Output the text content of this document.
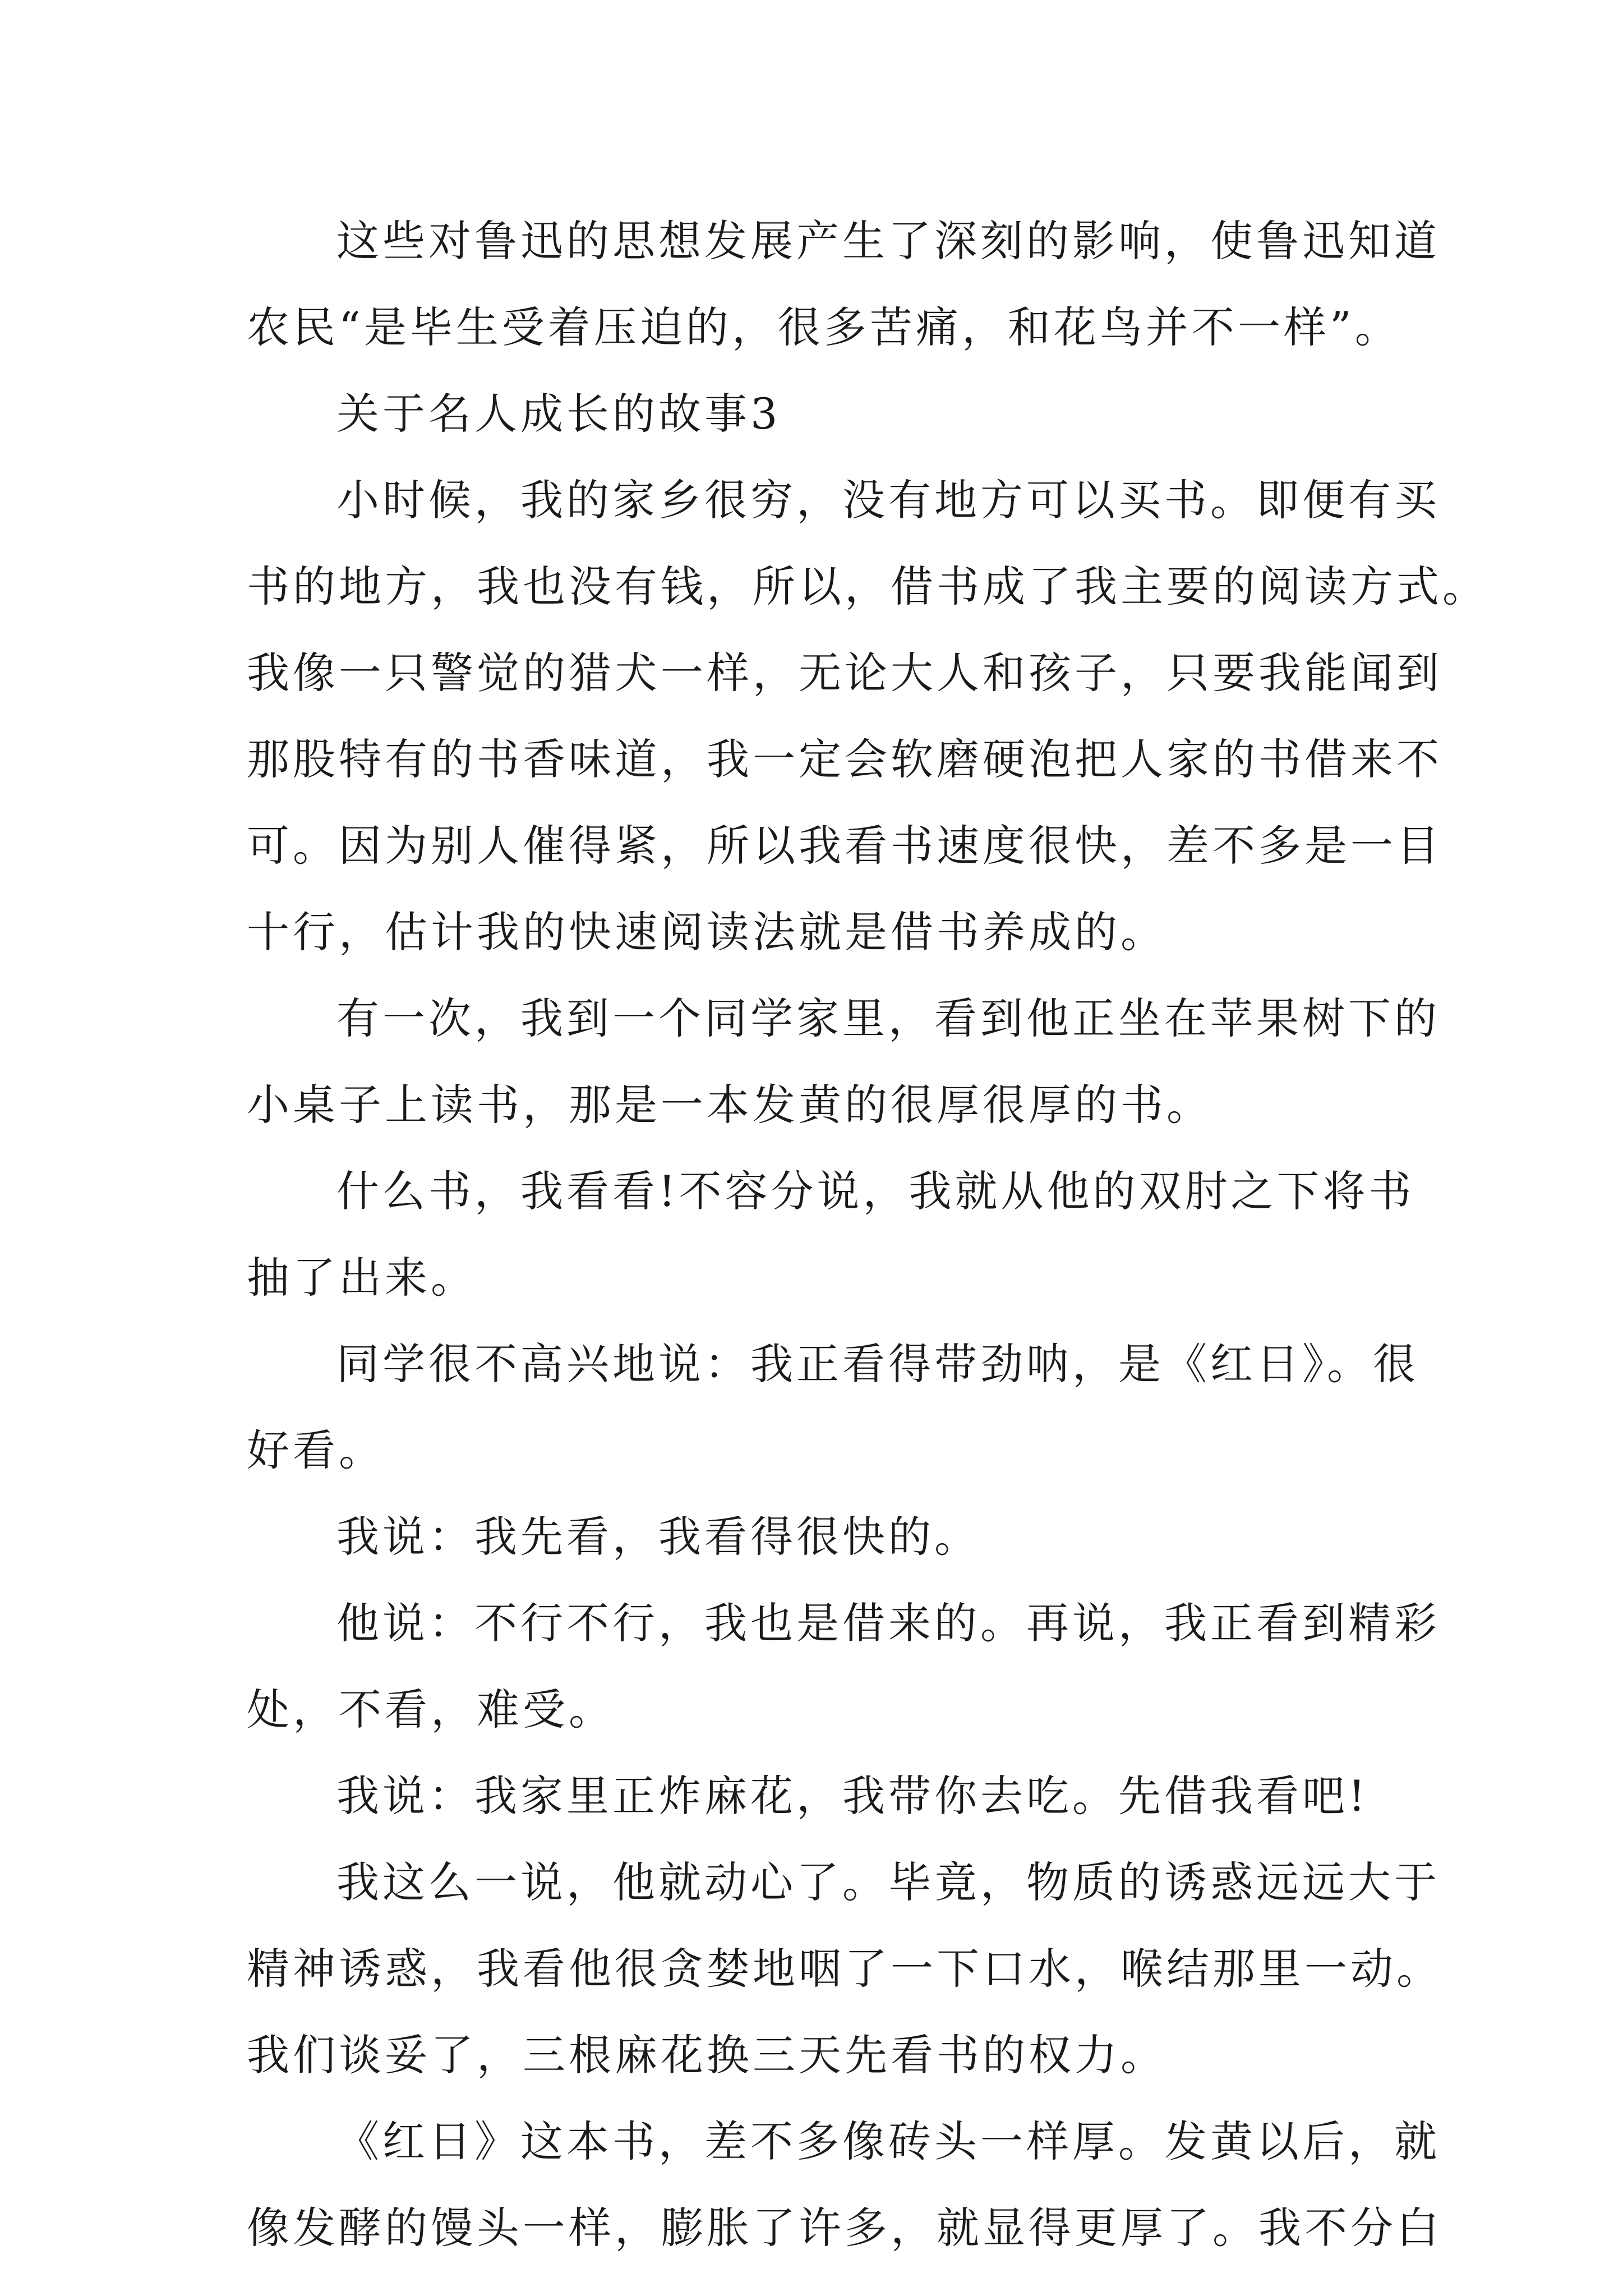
这些对鲁迅的思想发展产生了深刻的影响，使鲁迅知道

农民“是毕生受着压迫的，很多苦痛，和花鸟并不一样”。

关于名人成长的故事3

小时候，我的家乡很穷，没有地方可以买书。即便有买

书的地方，我也没有钱，所以，借书成了我主要的阅读方式。

我像一只警觉的猎犬一样，无论大人和孩子，只要我能闻到

那股特有的书香味道，我一定会软磨硬泡把人家的书借来不

可。因为别人催得紧，所以我看书速度很快，差不多是一目

十行，估计我的快速阅读法就是借书养成的。

有一次，我到一个同学家里，看到他正坐在苹果树下的

小桌子上读书，那是一本发黄的很厚很厚的书。

什么书，我看看!不容分说，我就从他的双肘之下将书

抽了出来。

同学很不高兴地说：我正看得带劲呐，是《红日》。很

好看。

我说：我先看，我看得很快的。

他说：不行不行，我也是借来的。再说，我正看到精彩

处，不看，难受。

我说：我家里正炸麻花，我带你去吃。先借我看吧!

我这么一说，他就动心了。毕竟，物质的诱惑远远大于

精神诱惑，我看他很贪婪地咽了一下口水，喉结那里一动。

我们谈妥了，三根麻花换三天先看书的权力。

《红日》这本书，差不多像砖头一样厚。发黄以后，就

像发酵的馒头一样，膨胀了许多，就显得更厚了。我不分白
